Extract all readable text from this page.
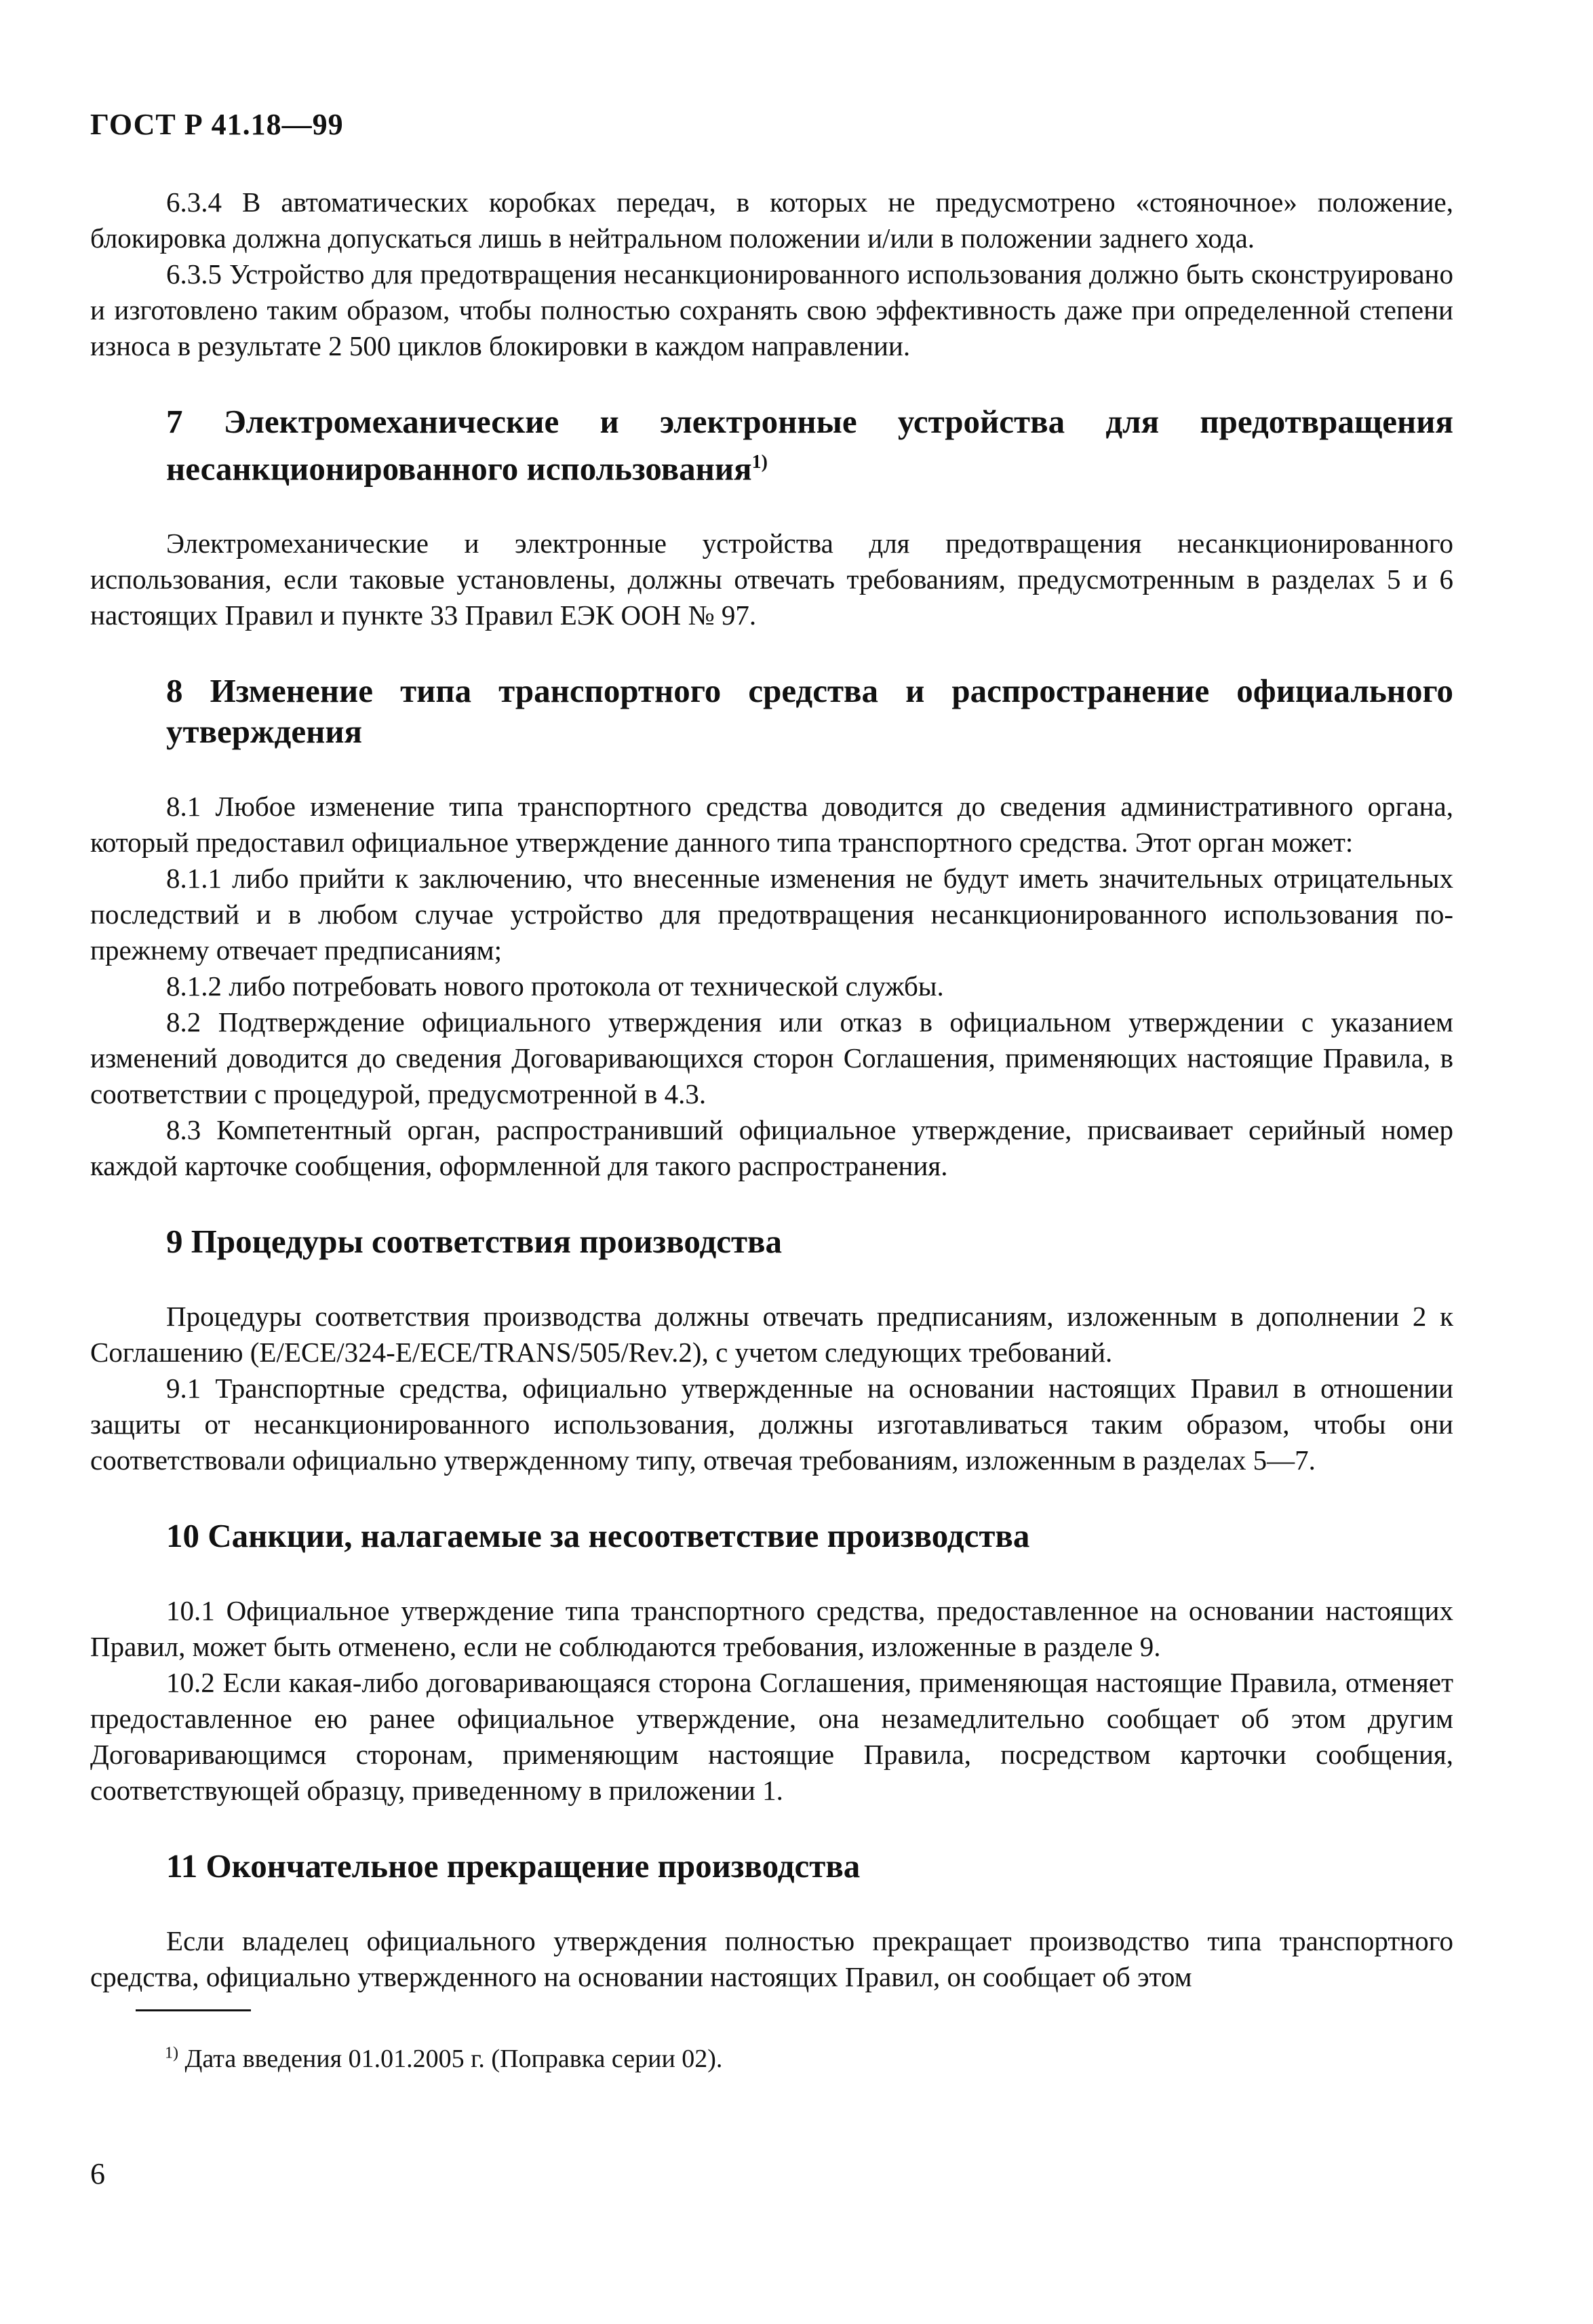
ГОСТ Р 41.18—99

6.3.4 В автоматических коробках передач, в которых не предусмотрено «стояночное» положение, блокировка должна допускаться лишь в нейтральном положении и/или в положении заднего хода.

6.3.5 Устройство для предотвращения несанкционированного использования должно быть сконструировано и изготовлено таким образом, чтобы полностью сохранять свою эффективность даже при определенной степени износа в результате 2 500 циклов блокировки в каждом направлении.

7 Электромеханические и электронные устройства для предотвращения несанкционированного использования$^{1)}$

Электромеханические и электронные устройства для предотвращения несанкционированного использования, если таковые установлены, должны отвечать требованиям, предусмотренным в разделах 5 и 6 настоящих Правил и пункте 33 Правил ЕЭК ООН № 97.

8 Изменение типа транспортного средства и распространение официального утверждения

8.1 Любое изменение типа транспортного средства доводится до сведения административного органа, который предоставил официальное утверждение данного типа транспортного средства. Этот орган может:

8.1.1 либо прийти к заключению, что внесенные изменения не будут иметь значительных отрицательных последствий и в любом случае устройство для предотвращения несанкционированного использования по-прежнему отвечает предписаниям;

8.1.2 либо потребовать нового протокола от технической службы.

8.2 Подтверждение официального утверждения или отказ в официальном утверждении с указанием изменений доводится до сведения Договаривающихся сторон Соглашения, применяющих настоящие Правила, в соответствии с процедурой, предусмотренной в 4.3.

8.3 Компетентный орган, распространивший официальное утверждение, присваивает серийный номер каждой карточке сообщения, оформленной для такого распространения.

9 Процедуры соответствия производства

Процедуры соответствия производства должны отвечать предписаниям, изложенным в дополнении 2 к Соглашению (E/ECE/324-E/ECE/TRANS/505/Rev.2), с учетом следующих требований.

9.1 Транспортные средства, официально утвержденные на основании настоящих Правил в отношении защиты от несанкционированного использования, должны изготавливаться таким образом, чтобы они соответствовали официально утвержденному типу, отвечая требованиям, изложенным в разделах 5—7.

10 Санкции, налагаемые за несоответствие производства

10.1 Официальное утверждение типа транспортного средства, предоставленное на основании настоящих Правил, может быть отменено, если не соблюдаются требования, изложенные в разделе 9.

10.2 Если какая-либо договаривающаяся сторона Соглашения, применяющая настоящие Правила, отменяет предоставленное ею ранее официальное утверждение, она незамедлительно сообщает об этом другим Договаривающимся сторонам, применяющим настоящие Правила, посредством карточки сообщения, соответствующей образцу, приведенному в приложении 1.

11 Окончательное прекращение производства

Если владелец официального утверждения полностью прекращает производство типа транспортного средства, официально утвержденного на основании настоящих Правил, он сообщает об этом

$^{1)}$ Дата введения 01.01.2005 г. (Поправка серии 02).
6
